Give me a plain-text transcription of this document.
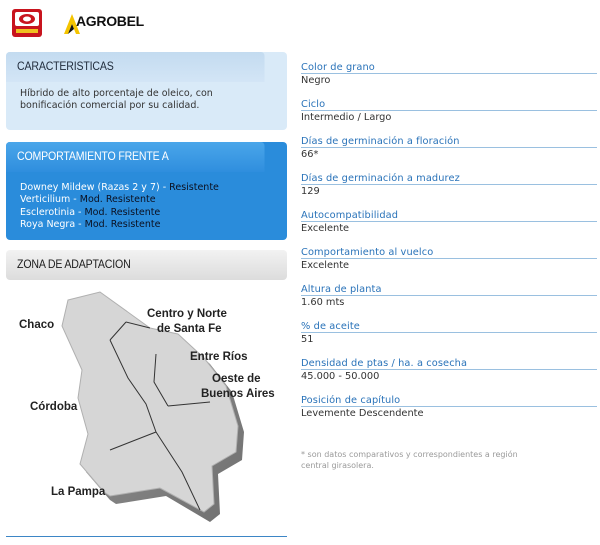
AGROBEL
CARACTERISTICAS
Híbrido de alto porcentaje de oleico, con bonificación comercial por su calidad.
COMPORTAMIENTO FRENTE A
Downey Mildew (Razas 2 y 7) - Resistente
Verticilium - Mod. Resistente
Esclerotinia - Mod. Resistente
Roya Negra - Mod. Resistente
ZONA DE ADAPTACION
Chaco
Centro y Norte
de Santa Fe
Entre Ríos
Oeste de
Buenos Aires
Córdoba
La Pampa
Color de grano
Negro
Ciclo
Intermedio / Largo
Días de germinación a floración
66*
Días de germinación a madurez
129
Autocompatibilidad
Excelente
Comportamiento al vuelco
Excelente
Altura de planta
1.60 mts
% de aceite
51
Densidad de ptas / ha. a cosecha
45.000 - 50.000
Posición de capítulo
Levemente Descendente
* son datos comparativos y correspondientes a región central girasolera.
